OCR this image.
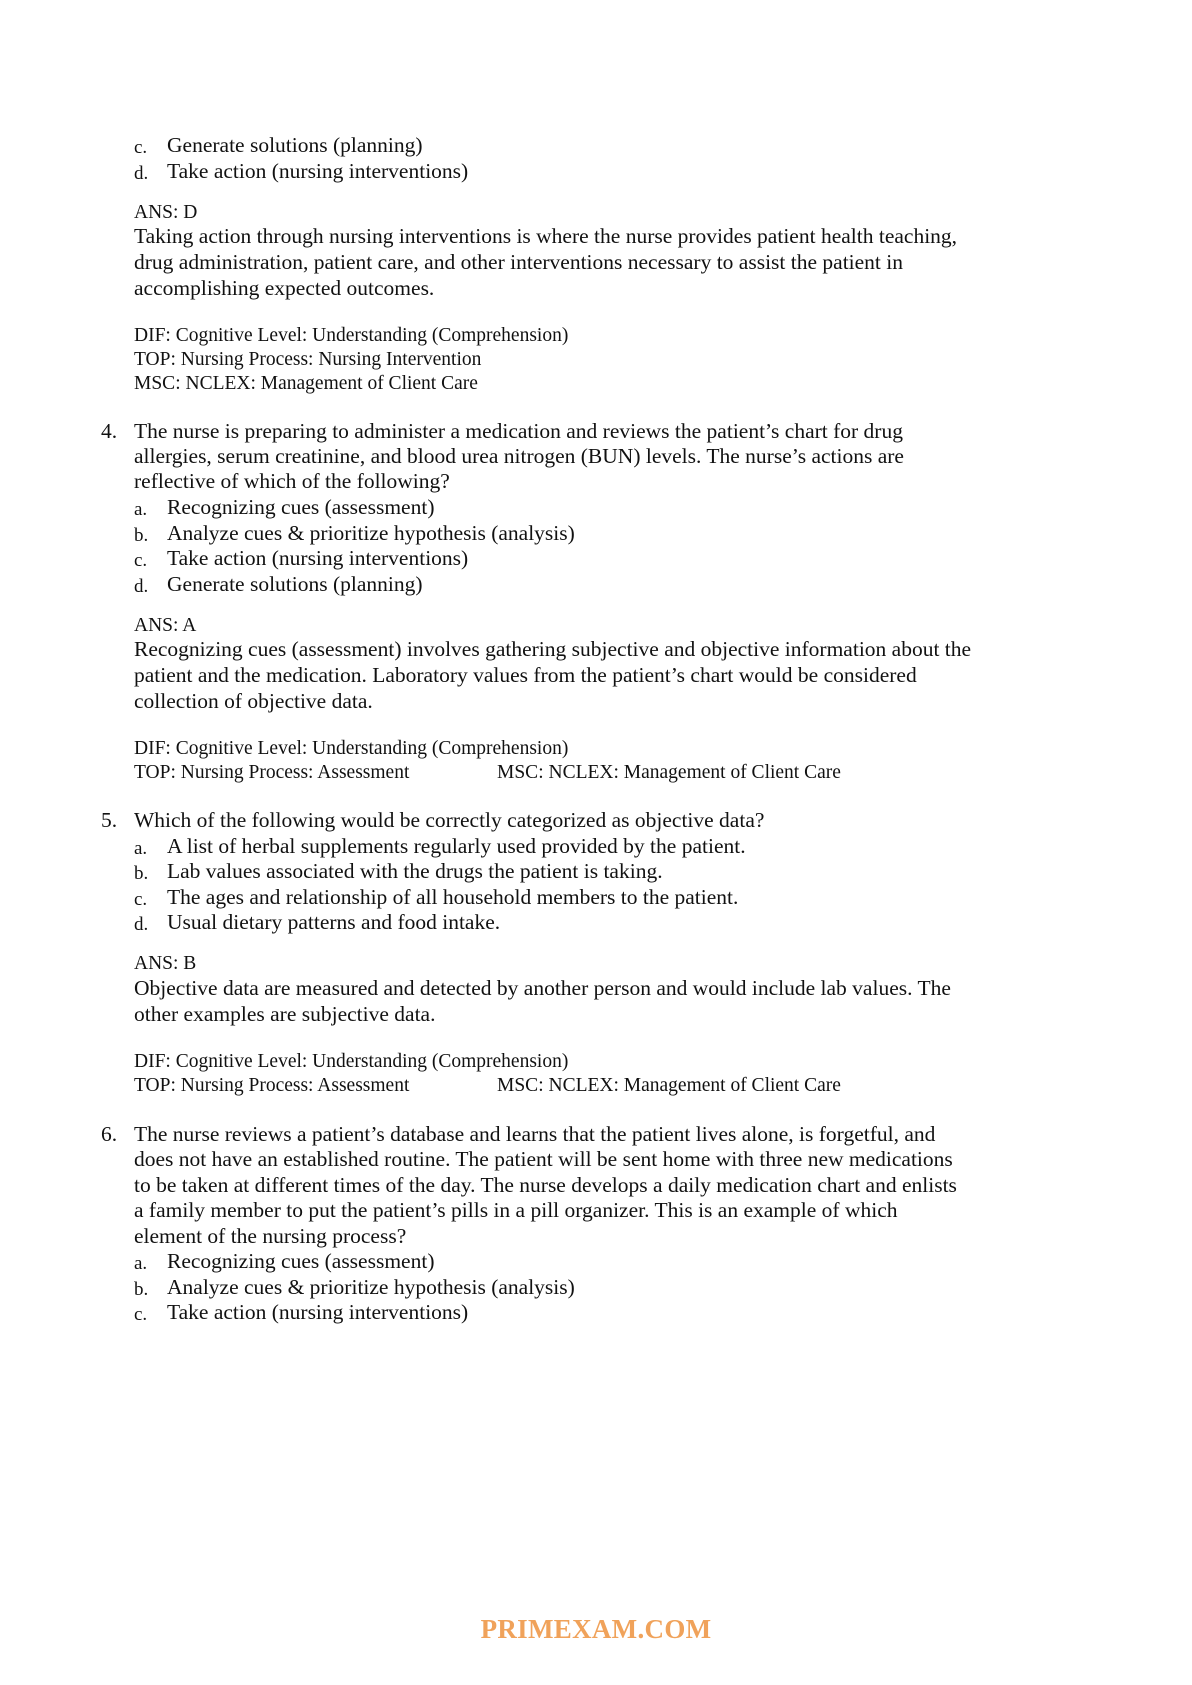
c. Generate solutions (planning)
d. Take action (nursing interventions)
ANS: D
Taking action through nursing interventions is where the nurse provides patient health teaching,
drug administration, patient care, and other interventions necessary to assist the patient in
accomplishing expected outcomes.
DIF: Cognitive Level: Understanding (Comprehension)
TOP: Nursing Process: Nursing Intervention
MSC: NCLEX: Management of Client Care
4. The nurse is preparing to administer a medication and reviews the patient’s chart for drug
allergies, serum creatinine, and blood urea nitrogen (BUN) levels. The nurse’s actions are
reflective of which of the following?
a. Recognizing cues (assessment)
b. Analyze cues & prioritize hypothesis (analysis)
c. Take action (nursing interventions)
d. Generate solutions (planning)
ANS: A
Recognizing cues (assessment) involves gathering subjective and objective information about the
patient and the medication. Laboratory values from the patient’s chart would be considered
collection of objective data.
DIF: Cognitive Level: Understanding (Comprehension)
TOP: Nursing Process: Assessment	MSC: NCLEX: Management of Client Care
5. Which of the following would be correctly categorized as objective data?
a. A list of herbal supplements regularly used provided by the patient.
b. Lab values associated with the drugs the patient is taking.
c. The ages and relationship of all household members to the patient.
d. Usual dietary patterns and food intake.
ANS: B
Objective data are measured and detected by another person and would include lab values. The
other examples are subjective data.
DIF: Cognitive Level: Understanding (Comprehension)
TOP: Nursing Process: Assessment	MSC: NCLEX: Management of Client Care
6. The nurse reviews a patient’s database and learns that the patient lives alone, is forgetful, and
does not have an established routine. The patient will be sent home with three new medications
to be taken at different times of the day. The nurse develops a daily medication chart and enlists
a family member to put the patient’s pills in a pill organizer. This is an example of which
element of the nursing process?
a. Recognizing cues (assessment)
b. Analyze cues & prioritize hypothesis (analysis)
c. Take action (nursing interventions)
PRIMEXAM.COM
